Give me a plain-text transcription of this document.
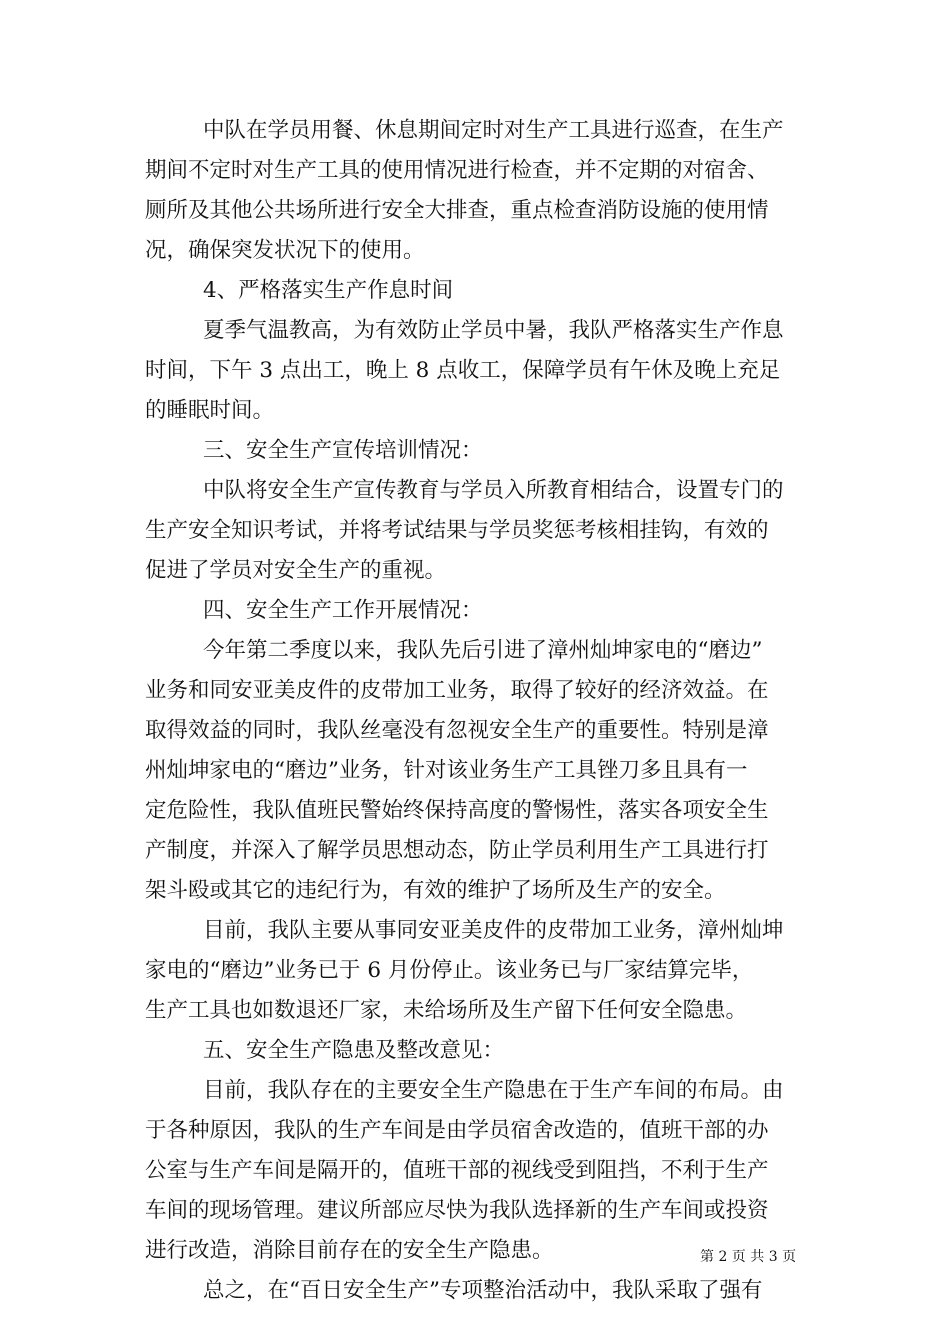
中队在学员用餐、休息期间定时对生产工具进行巡查，在生产
期间不定时对生产工具的使用情况进行检查，并不定期的对宿舍、
厕所及其他公共场所进行安全大排查，重点检查消防设施的使用情
况，确保突发状况下的使用。
4、严格落实生产作息时间
夏季气温教高，为有效防止学员中暑，我队严格落实生产作息
时间，下午 3 点出工，晚上 8 点收工，保障学员有午休及晚上充足
的睡眠时间。
三、安全生产宣传培训情况：
中队将安全生产宣传教育与学员入所教育相结合，设置专门的
生产安全知识考试，并将考试结果与学员奖惩考核相挂钩，有效的
促进了学员对安全生产的重视。
四、安全生产工作开展情况：
今年第二季度以来，我队先后引进了漳州灿坤家电的“磨边”
业务和同安亚美皮件的皮带加工业务，取得了较好的经济效益。在
取得效益的同时，我队丝毫没有忽视安全生产的重要性。特别是漳
州灿坤家电的“磨边”业务，针对该业务生产工具锉刀多且具有一
定危险性，我队值班民警始终保持高度的警惕性，落实各项安全生
产制度，并深入了解学员思想动态，防止学员利用生产工具进行打
架斗殴或其它的违纪行为，有效的维护了场所及生产的安全。
目前，我队主要从事同安亚美皮件的皮带加工业务，漳州灿坤
家电的“磨边”业务已于 6 月份停止。该业务已与厂家结算完毕，
生产工具也如数退还厂家，未给场所及生产留下任何安全隐患。
五、安全生产隐患及整改意见：
目前，我队存在的主要安全生产隐患在于生产车间的布局。由
于各种原因，我队的生产车间是由学员宿舍改造的，值班干部的办
公室与生产车间是隔开的，值班干部的视线受到阻挡，不利于生产
车间的现场管理。建议所部应尽快为我队选择新的生产车间或投资
进行改造，消除目前存在的安全生产隐患。
总之，在“百日安全生产”专项整治活动中，我队采取了强有
第 2 页 共 3 页
